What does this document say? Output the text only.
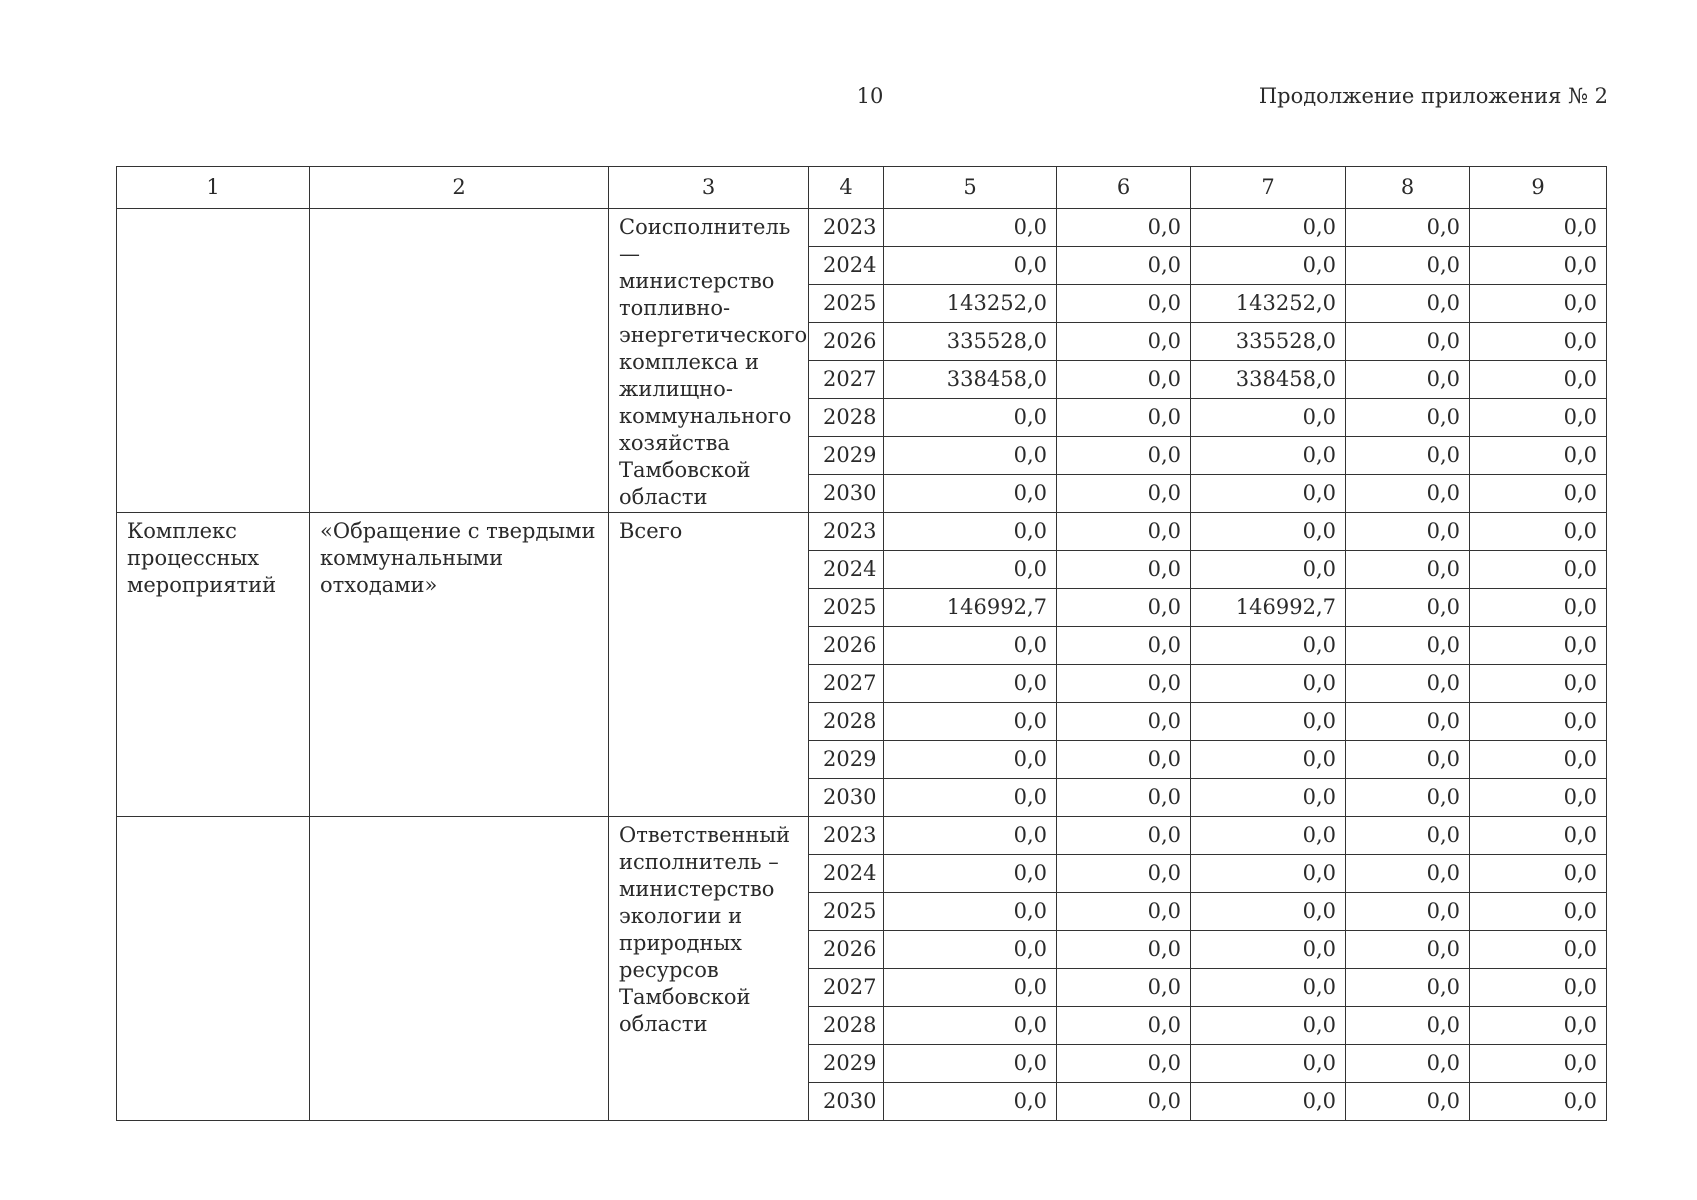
10	Продолжение приложения № 2
1	2	3	4	5	6	7	8	9
		Соисполнитель — министерство топливно-энергетического комплекса и жилищно-коммунального хозяйства Тамбовской области	2023	0,0	0,0	0,0	0,0	0,0
			2024	0,0	0,0	0,0	0,0	0,0
			2025	143252,0	0,0	143252,0	0,0	0,0
			2026	335528,0	0,0	335528,0	0,0	0,0
			2027	338458,0	0,0	338458,0	0,0	0,0
			2028	0,0	0,0	0,0	0,0	0,0
			2029	0,0	0,0	0,0	0,0	0,0
			2030	0,0	0,0	0,0	0,0	0,0
Комплекс процессных мероприятий	«Обращение с твердыми коммунальными отходами»	Всего	2023	0,0	0,0	0,0	0,0	0,0
			2024	0,0	0,0	0,0	0,0	0,0
			2025	146992,7	0,0	146992,7	0,0	0,0
			2026	0,0	0,0	0,0	0,0	0,0
			2027	0,0	0,0	0,0	0,0	0,0
			2028	0,0	0,0	0,0	0,0	0,0
			2029	0,0	0,0	0,0	0,0	0,0
			2030	0,0	0,0	0,0	0,0	0,0
		Ответственный исполнитель – министерство экологии и природных ресурсов Тамбовской области	2023	0,0	0,0	0,0	0,0	0,0
			2024	0,0	0,0	0,0	0,0	0,0
			2025	0,0	0,0	0,0	0,0	0,0
			2026	0,0	0,0	0,0	0,0	0,0
			2027	0,0	0,0	0,0	0,0	0,0
			2028	0,0	0,0	0,0	0,0	0,0
			2029	0,0	0,0	0,0	0,0	0,0
			2030	0,0	0,0	0,0	0,0	0,0
